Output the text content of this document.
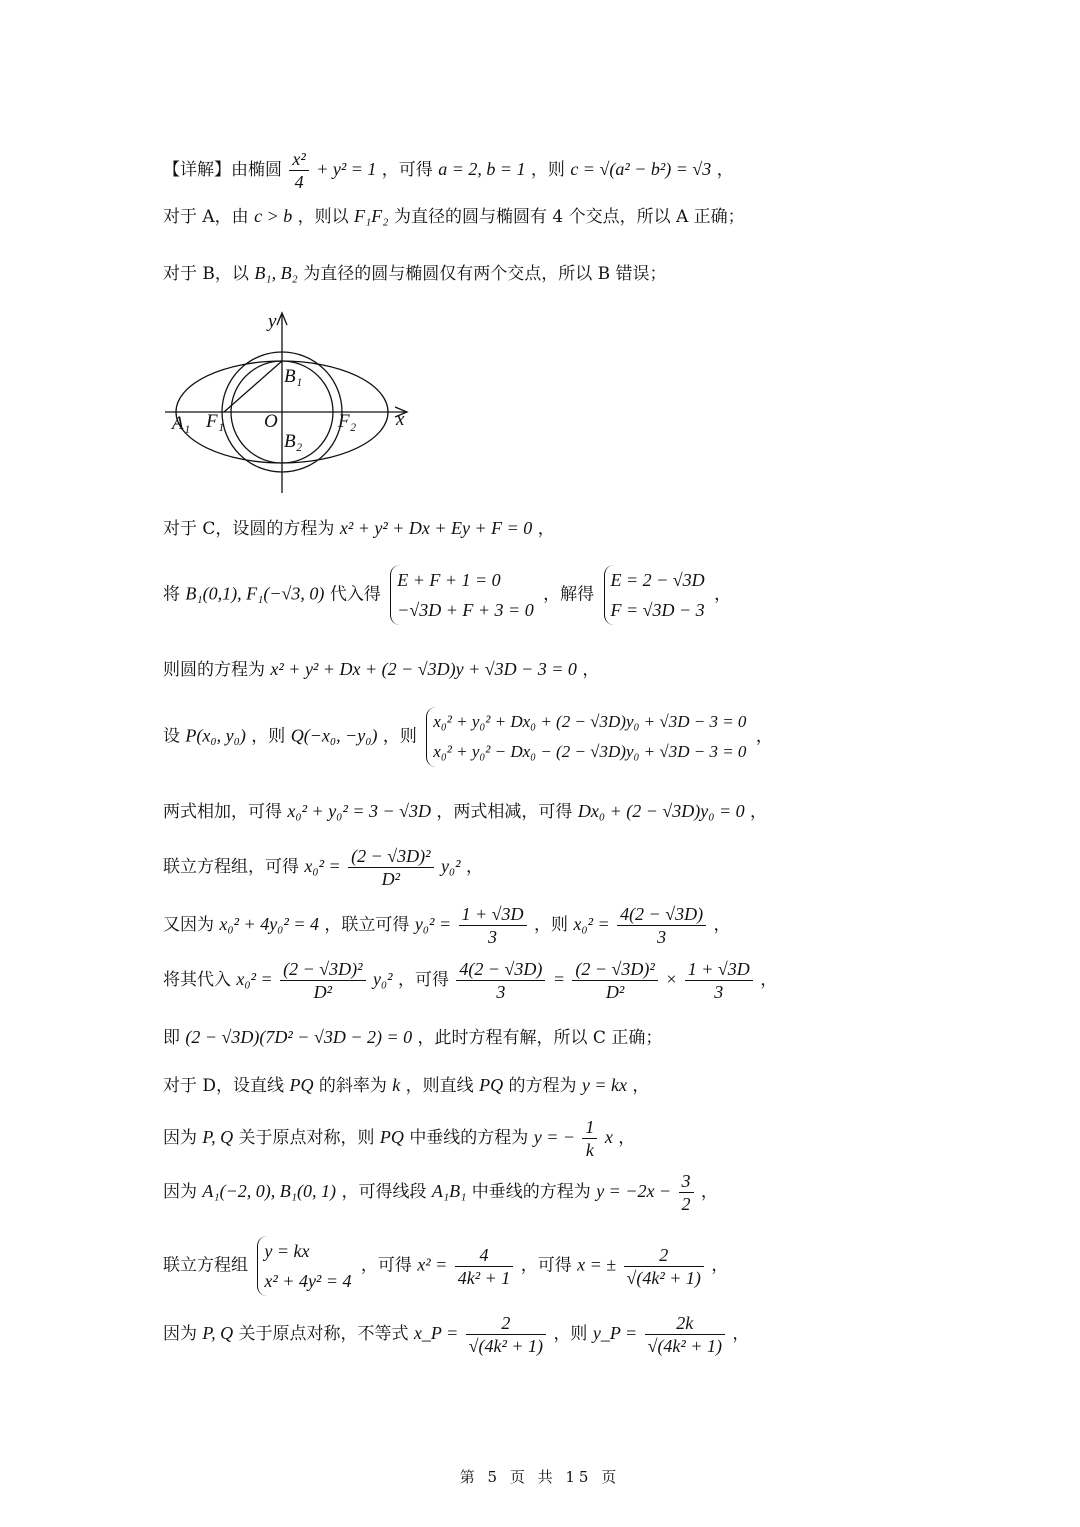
【详解】由椭圆 $\frac{\text{x²}}{4} + y^2 = 1$ ，可得 a = 2, b = 1 ，则 c = √(a² − b²) = √3 ，
对于 A，由 c > b ，则以 F₁F₂ 为直径的圆与椭圆有 4 个交点，所以 A 正确；
对于 B，以 B₁, B₂ 为直径的圆与椭圆仅有两个交点，所以 B 错误；
y
x
O
A₁ F₁	F₂
B₁
B₂
对于 C，设圆的方程为 x² + y² + Dx + Ey + F = 0 ，
将 B₁(0,1), F₁(−√3, 0) 代入得
E + F + 1 = 0
−√3D + F + 3 = 0
，解得
E = 2 − √3D
F = √3D − 3
，
则圆的方程为 x² + y² + Dx + (2 − √3D)y + √3D − 3 = 0 ，
设 P(x₀, y₀) ，则 Q(−x₀, −y₀) ，则
x₀² + y₀² + Dx₀ + (2 − √3D)y₀ + √3D − 3 = 0
x₀² + y₀² − Dx₀ − (2 − √3D)y₀ + √3D − 3 = 0
，
两式相加，可得 x₀² + y₀² = 3 − √3D ，两式相减，可得 Dx₀ + (2 − √3D)y₀ = 0 ，
联立方程组，可得 $x_0^2 = \frac{\text{(2 − √3D)²}}{\text{D²}} y_0^2$ ，
又因为 x₀² + 4y₀² = 4 ，联立可得 $y_0^2 = \frac{1 + √3D}{3}$ ，则 $x_0^2 = \frac{4(2 - √3D)}{3}$ ，
将其代入 $x_0^2 = \frac{\text{(2 − √3D)²}}{\text{D²}} y_0^2$ ，可得 $\frac{4(2 - √3D)}{3} = \frac{\text{(2 − √3D)²}}{\text{D²}} \times \frac{1 + √3D}{3}$ ，
即 (2 − √3D)(7D² − √3D − 2) = 0 ，此时方程有解，所以 C 正确；
对于 D，设直线 PQ 的斜率为 k ，则直线 PQ 的方程为 y = kx ，
因为 P, Q 关于原点对称，则 PQ 中垂线的方程为 y = − $\frac{1}{k}$ x ，
因为 A₁(−2, 0), B₁(0, 1) ，可得线段 A₁B₁ 中垂线的方程为 $y = -2x - \frac{3}{2}$ ，
联立方程组
y = kx
x² + 4y² = 4
，可得 $x^2 = \frac{4}{\text{4k² + 1}}$ ，可得 x = ± $\frac{2}{\text{√(4k² + 1)}}$ ，
因为 P, Q 关于原点对称，不等式 x_P = $\frac{2}{\text{√(4k² + 1)}}$ ，则 y_P = $\frac{2k}{\text{√(4k² + 1)}}$ ，
第 5 页 共 15 页
